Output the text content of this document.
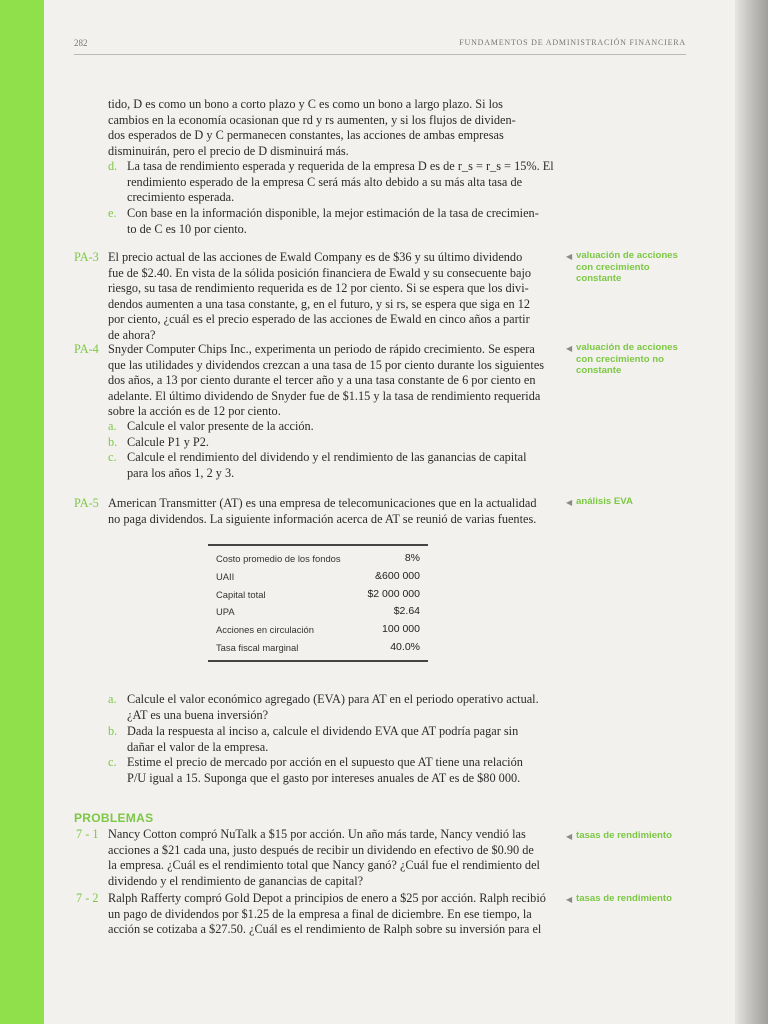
282	FUNDAMENTOS DE ADMINISTRACIÓN FINANCIERA
tido, D es como un bono a corto plazo y C es como un bono a largo plazo. Si los
cambios en la economía ocasionan que rd y rs aumenten, y si los flujos de dividen-
dos esperados de D y C permanecen constantes, las acciones de ambas empresas
disminuirán, pero el precio de D disminuirá más.
d. La tasa de rendimiento esperada y requerida de la empresa D es de r_s = r_s = 15%. El
rendimiento esperado de la empresa C será más alto debido a su más alta tasa de
crecimiento esperada.
e. Con base en la información disponible, la mejor estimación de la tasa de crecimien-
to de C es 10 por ciento.
PA-3 El precio actual de las acciones de Ewald Company es de $36 y su último dividendo
fue de $2.40. En vista de la sólida posición financiera de Ewald y su consecuente bajo
riesgo, su tasa de rendimiento requerida es de 12 por ciento. Si se espera que los divi-
dendos aumenten a una tasa constante, g, en el futuro, y si rs, se espera que siga en 12
por ciento, ¿cuál es el precio esperado de las acciones de Ewald en cinco años a partir
de ahora?
◀ valuación de acciones
con crecimiento
constante
PA-4 Snyder Computer Chips Inc., experimenta un periodo de rápido crecimiento. Se espera
que las utilidades y dividendos crezcan a una tasa de 15 por ciento durante los siguientes
dos años, a 13 por ciento durante el tercer año y a una tasa constante de 6 por ciento en
adelante. El último dividendo de Snyder fue de $1.15 y la tasa de rendimiento requerida
sobre la acción es de 12 por ciento.
◀ valuación de acciones
con crecimiento no
constante
a. Calcule el valor presente de la acción.
b. Calcule P1 y P2.
c. Calcule el rendimiento del dividendo y el rendimiento de las ganancias de capital
para los años 1, 2 y 3.
PA-5 American Transmitter (AT) es una empresa de telecomunicaciones que en la actualidad
no paga dividendos. La siguiente información acerca de AT se reunió de varias fuentes.
◀ análisis EVA
Costo promedio de los fondos	8%
UAII	&600 000
Capital total	$2 000 000
UPA	$2.64
Acciones en circulación	100 000
Tasa fiscal marginal	40.0%
a. Calcule el valor económico agregado (EVA) para AT en el periodo operativo actual.
¿AT es una buena inversión?
b. Dada la respuesta al inciso a, calcule el dividendo EVA que AT podría pagar sin
dañar el valor de la empresa.
c. Estime el precio de mercado por acción en el supuesto que AT tiene una relación
P/U igual a 15. Suponga que el gasto por intereses anuales de AT es de $80 000.
PROBLEMAS
7 - 1 Nancy Cotton compró NuTalk a $15 por acción. Un año más tarde, Nancy vendió las
acciones a $21 cada una, justo después de recibir un dividendo en efectivo de $0.90 de
la empresa. ¿Cuál es el rendimiento total que Nancy ganó? ¿Cuál fue el rendimiento del
dividendo y el rendimiento de ganancias de capital?
◀ tasas de rendimiento
7 - 2 Ralph Rafferty compró Gold Depot a principios de enero a $25 por acción. Ralph recibió
un pago de dividendos por $1.25 de la empresa a final de diciembre. En ese tiempo, la
acción se cotizaba a $27.50. ¿Cuál es el rendimiento de Ralph sobre su inversión para el
◀ tasas de rendimiento
